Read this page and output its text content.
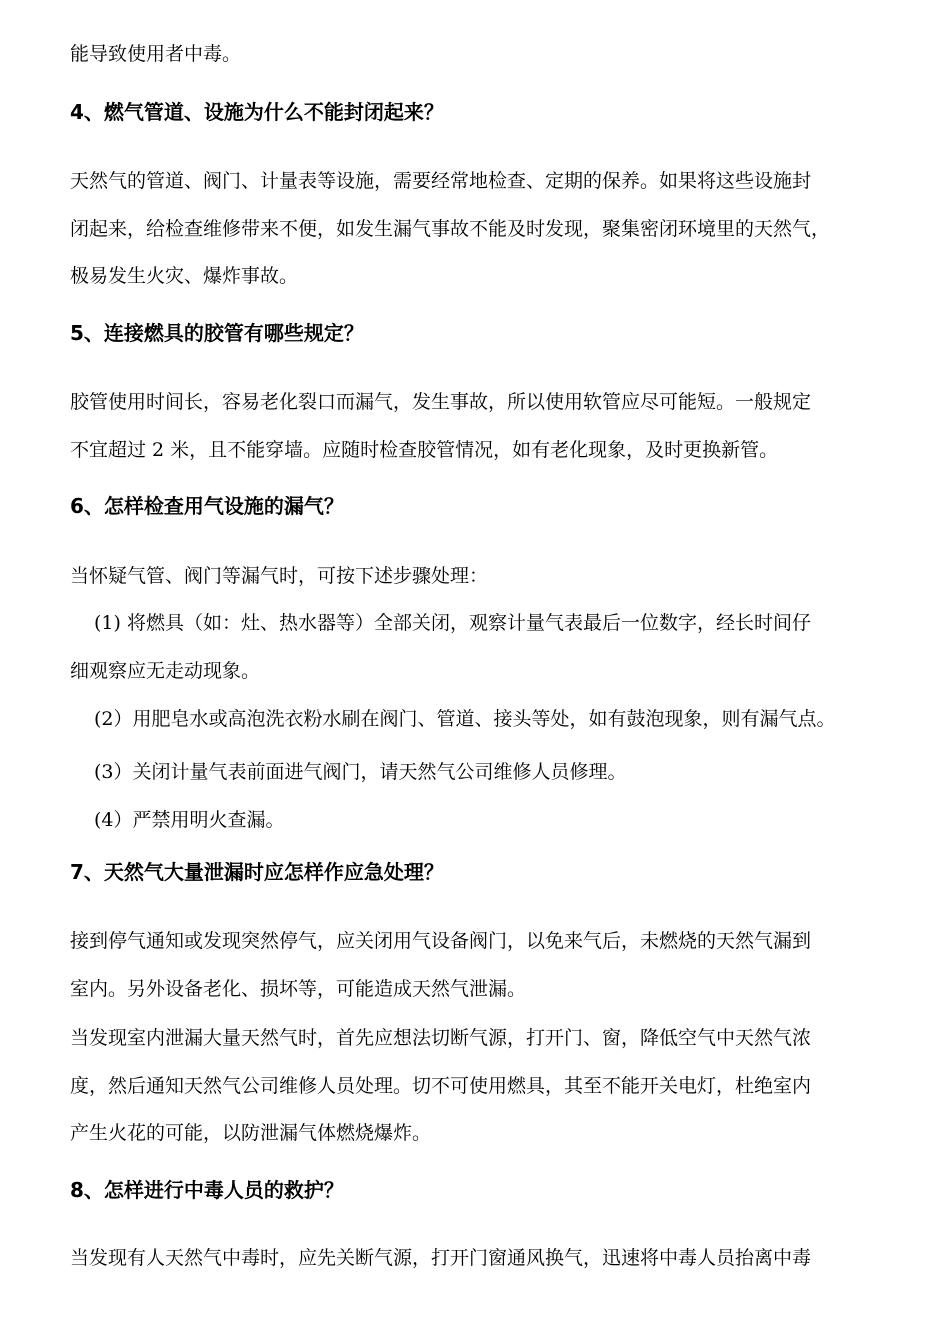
能导致使用者中毒。

4、燃气管道、设施为什么不能封闭起来？

天然气的管道、阀门、计量表等设施，需要经常地检查、定期的保养。如果将这些设施封

闭起来，给检查维修带来不便，如发生漏气事故不能及时发现，聚集密闭环境里的天然气，

极易发生火灾、爆炸事故。

5、连接燃具的胶管有哪些规定？

胶管使用时间长，容易老化裂口而漏气，发生事故，所以使用软管应尽可能短。一般规定

不宜超过 2 米，且不能穿墙。应随时检查胶管情况，如有老化现象，及时更换新管。

6、怎样检查用气设施的漏气？

当怀疑气管、阀门等漏气时，可按下述步骤处理：

(1) 将燃具（如：灶、热水器等）全部关闭，观察计量气表最后一位数字，经长时间仔

细观察应无走动现象。

(2）用肥皂水或高泡洗衣粉水刷在阀门、管道、接头等处，如有鼓泡现象，则有漏气点。

(3）关闭计量气表前面进气阀门，请天然气公司维修人员修理。

(4）严禁用明火查漏。

7、天然气大量泄漏时应怎样作应急处理？

接到停气通知或发现突然停气，应关闭用气设备阀门，以免来气后，未燃烧的天然气漏到

室内。另外设备老化、损坏等，可能造成天然气泄漏。

当发现室内泄漏大量天然气时，首先应想法切断气源，打开门、窗，降低空气中天然气浓

度，然后通知天然气公司维修人员处理。切不可使用燃具，其至不能开关电灯，杜绝室内

产生火花的可能，以防泄漏气体燃烧爆炸。

8、怎样进行中毒人员的救护？

当发现有人天然气中毒时，应先关断气源，打开门窗通风换气，迅速将中毒人员抬离中毒
